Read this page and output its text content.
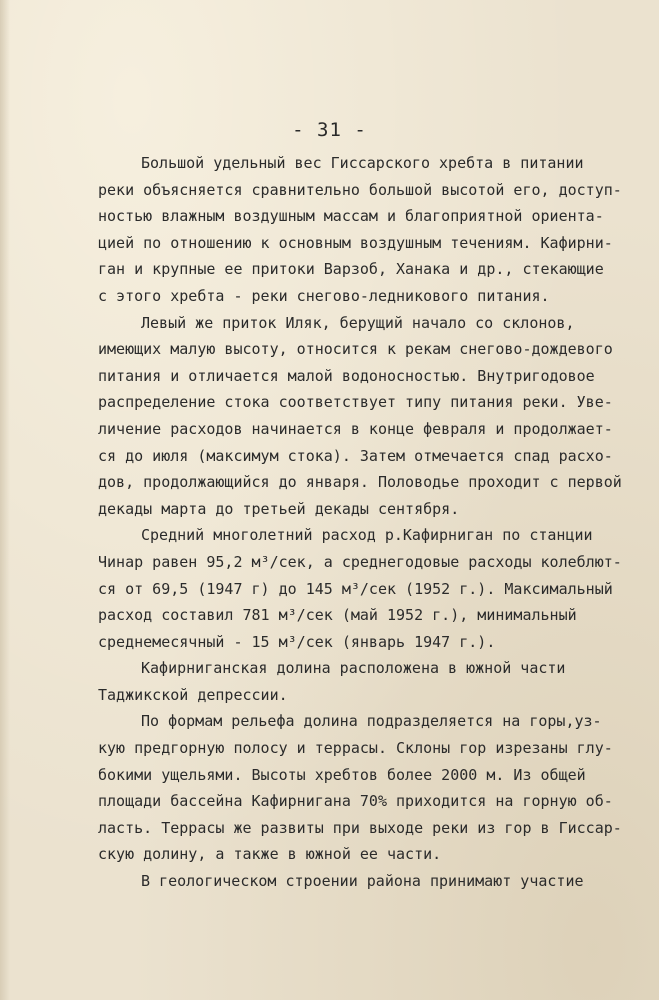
- 31 -
Большой удельный вес Гиссарского хребта в питании
реки объясняется сравнительно большой высотой его, доступ-
ностью влажным воздушным массам и благоприятной ориента-
цией по отношению к основным воздушным течениям. Кафирни-
ган и крупные ее притоки Варзоб, Ханака и др., стекающие
с этого хребта - реки снегово-ледникового питания.
Левый же приток Иляк, берущий начало со склонов,
имеющих малую высоту, относится к рекам снегово-дождевого
питания и отличается малой водоносностью. Внутригодовое
распределение стока соответствует типу питания реки. Уве-
личение расходов начинается в конце февраля и продолжает-
ся до июля (максимум стока). Затем отмечается спад расхо-
дов, продолжающийся до января. Половодье проходит с первой
декады марта до третьей декады сентября.
Средний многолетний расход р.Кафирниган по станции
Чинар равен 95,2 м³/сек, а среднегодовые расходы колеблют-
ся от 69,5 (1947 г) до 145 м³/сек (1952 г.). Максимальный
расход составил 781 м³/сек (май 1952 г.), минимальный
среднемесячный - 15 м³/сек (январь 1947 г.).
Кафирниганская долина расположена в южной части
Таджикской депрессии.
По формам рельефа долина подразделяется на горы,уз-
кую предгорную полосу и террасы. Склоны гор изрезаны глу-
бокими ущельями. Высоты хребтов более 2000 м. Из общей
площади бассейна Кафирнигана 70% приходится на горную об-
ласть. Террасы же развиты при выходе реки из гор в Гиссар-
скую долину, а также в южной ее части.
В геологическом строении района принимают участие
